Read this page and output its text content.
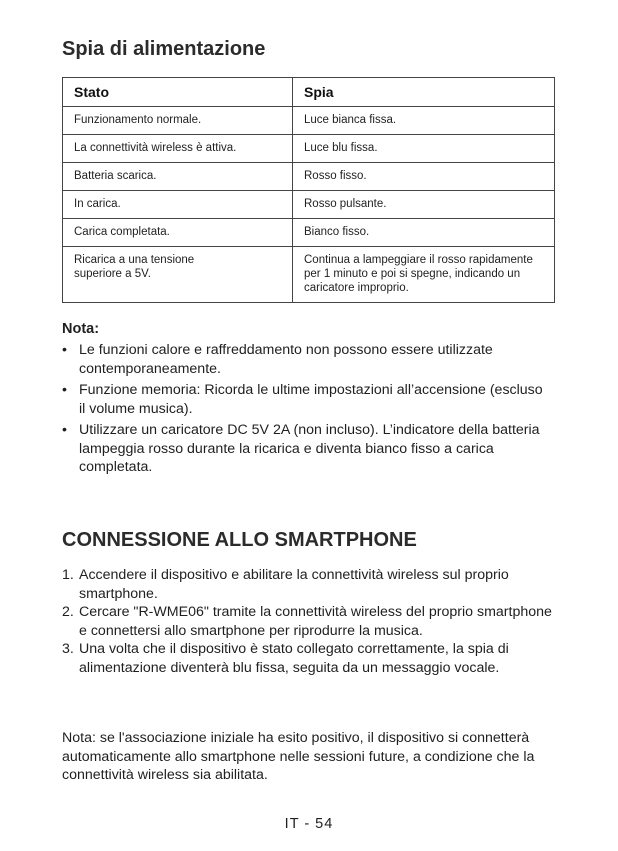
Spia di alimentazione
Stato	Spia
Funzionamento normale.	Luce bianca fissa.
La connettività wireless è attiva.	Luce blu fissa.
Batteria scarica.	Rosso fisso.
In carica.	Rosso pulsante.
Carica completata.	Bianco fisso.
Ricarica a una tensione superiore a 5V.	Continua a lampeggiare il rosso rapidamente per 1 minuto e poi si spegne, indicando un caricatore improprio.
Nota:
• Le funzioni calore e raffreddamento non possono essere utilizzate contemporaneamente.
• Funzione memoria: Ricorda le ultime impostazioni all’accensione (escluso il volume musica).
• Utilizzare un caricatore DC 5V 2A (non incluso). L’indicatore della batteria lampeggia rosso durante la ricarica e diventa bianco fisso a carica completata.
CONNESSIONE ALLO SMARTPHONE
1. Accendere il dispositivo e abilitare la connettività wireless sul proprio smartphone.
2. Cercare "R-WME06" tramite la connettività wireless del proprio smartphone e connettersi allo smartphone per riprodurre la musica.
3. Una volta che il dispositivo è stato collegato correttamente, la spia di alimentazione diventerà blu fissa, seguita da un messaggio vocale.
Nota: se l'associazione iniziale ha esito positivo, il dispositivo si connetterà automaticamente allo smartphone nelle sessioni future, a condizione che la connettività wireless sia abilitata.
IT - 54
